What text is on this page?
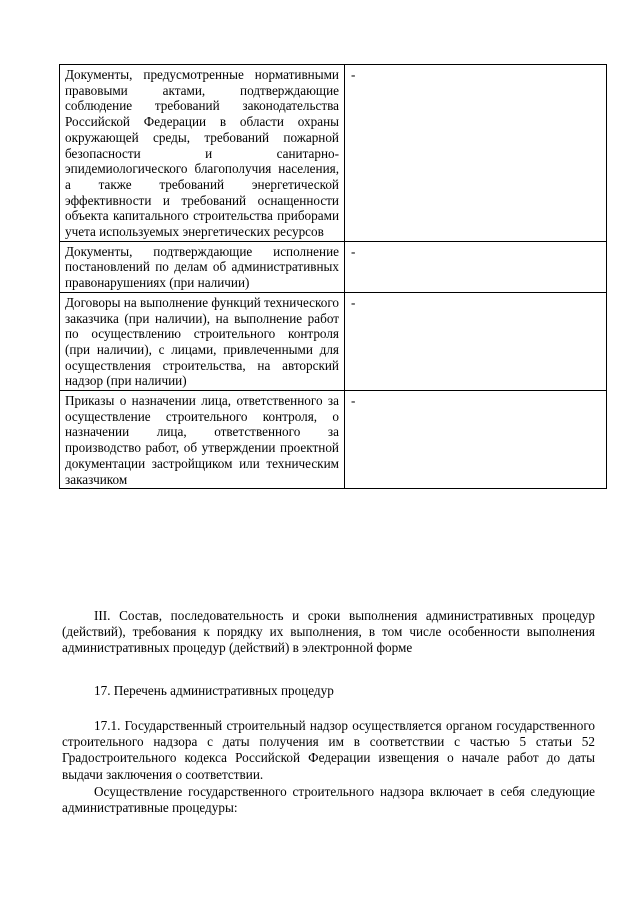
Документы, предусмотренные нормативными правовыми актами, подтверждающие соблюдение требований законодательства Российской Федерации в области охраны окружающей среды, требований пожарной безопасности и санитарно-эпидемиологического благополучия населения, а также требований энергетической эффективности и требований оснащенности объекта капитального строительства приборами учета используемых энергетических ресурсов	-
Документы, подтверждающие исполнение постановлений по делам об административных правонарушениях (при наличии)	-
Договоры на выполнение функций технического заказчика (при наличии), на выполнение работ по осуществлению строительного контроля (при наличии), с лицами, привлеченными для осуществления строительства, на авторский надзор (при наличии)	-
Приказы о назначении лица, ответственного за осуществление строительного контроля, о назначении лица, ответственного за производство работ, об утверждении проектной документации застройщиком или техническим заказчиком	-

III. Состав, последовательность и сроки выполнения административных процедур (действий), требования к порядку их выполнения, в том числе особенности выполнения административных процедур (действий) в электронной форме

17. Перечень административных процедур

17.1. Государственный строительный надзор осуществляется органом государственного строительного надзора с даты получения им в соответствии с частью 5 статьи 52 Градостроительного кодекса Российской Федерации извещения о начале работ до даты выдачи заключения о соответствии.

Осуществление государственного строительного надзора включает в себя следующие административные процедуры:
